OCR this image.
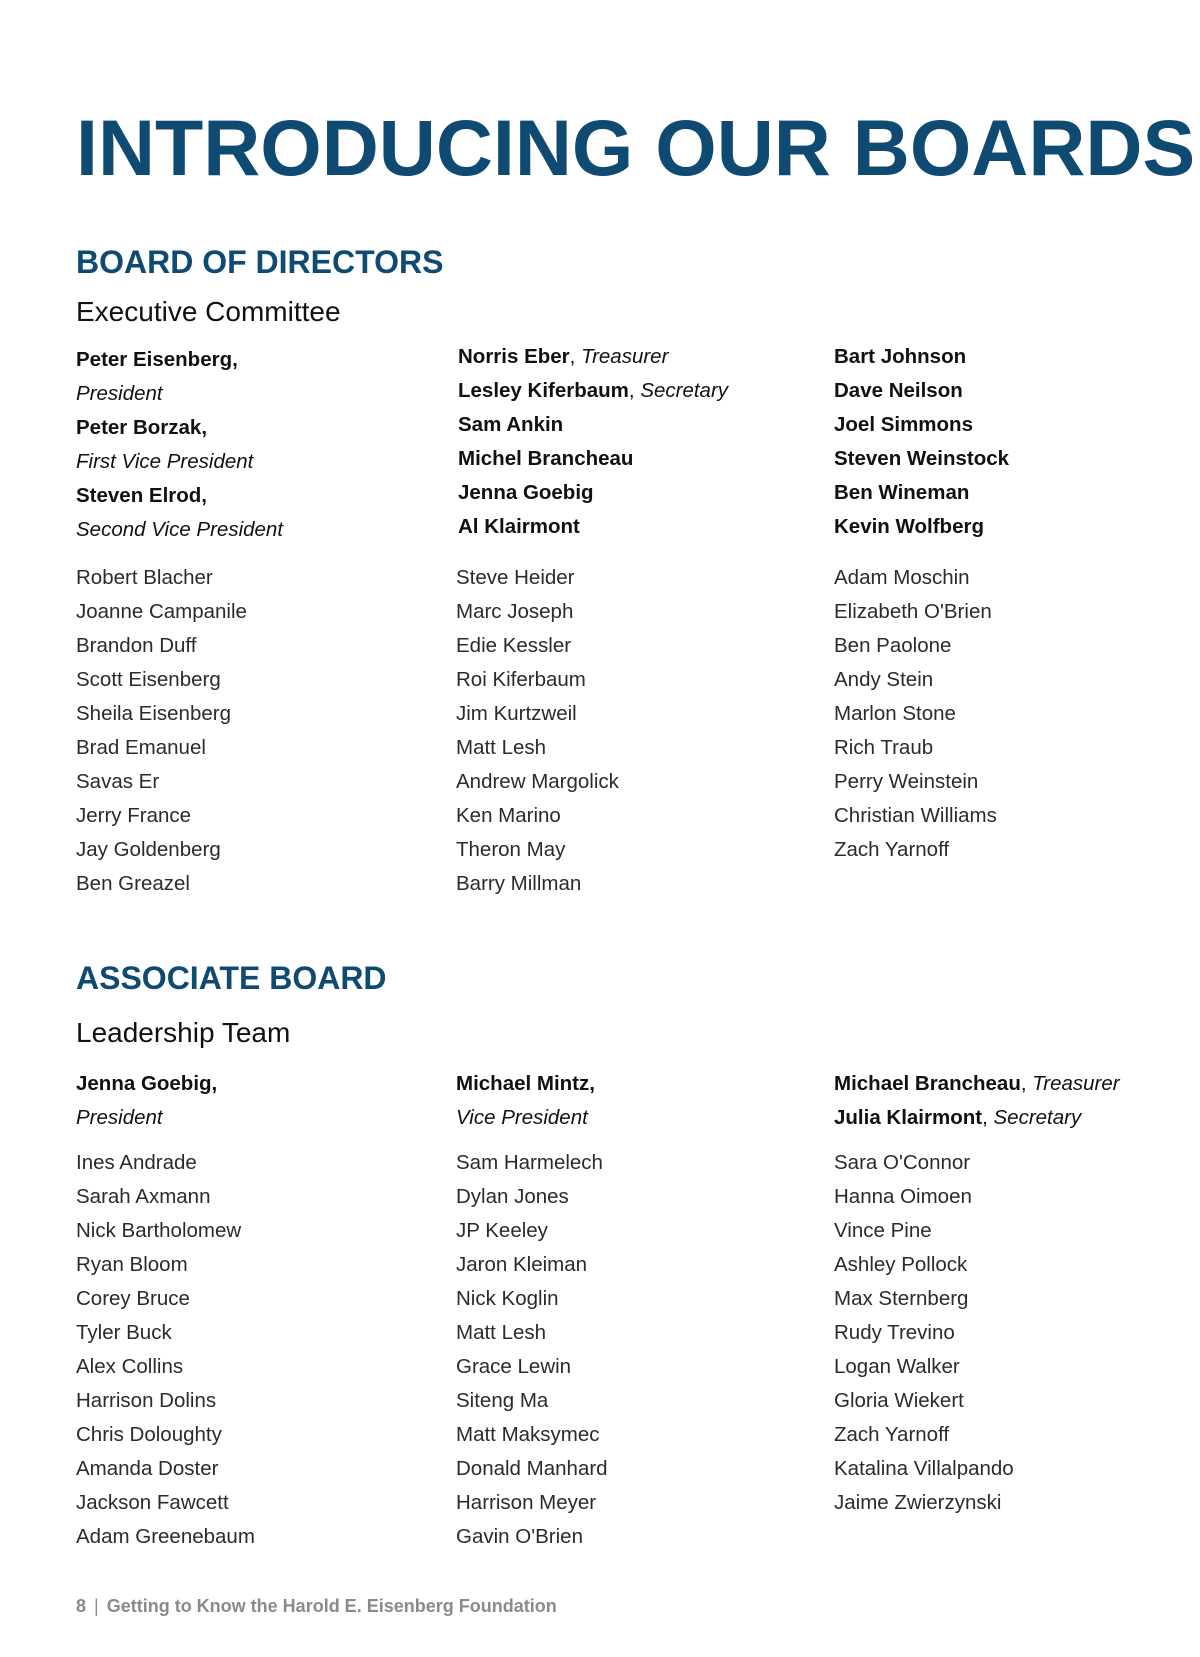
INTRODUCING OUR BOARDS
BOARD OF DIRECTORS
Executive Committee
Peter Eisenberg,
President
Peter Borzak,
First Vice President
Steven Elrod,
Second Vice President
Norris Eber, Treasurer
Lesley Kiferbaum, Secretary
Sam Ankin
Michel Brancheau
Jenna Goebig
Al Klairmont
Bart Johnson
Dave Neilson
Joel Simmons
Steven Weinstock
Ben Wineman
Kevin Wolfberg
Robert Blacher
Joanne Campanile
Brandon Duff
Scott Eisenberg
Sheila Eisenberg
Brad Emanuel
Savas Er
Jerry France
Jay Goldenberg
Ben Greazel
Steve Heider
Marc Joseph
Edie Kessler
Roi Kiferbaum
Jim Kurtzweil
Matt Lesh
Andrew Margolick
Ken Marino
Theron May
Barry Millman
Adam Moschin
Elizabeth O'Brien
Ben Paolone
Andy Stein
Marlon Stone
Rich Traub
Perry Weinstein
Christian Williams
Zach Yarnoff
ASSOCIATE BOARD
Leadership Team
Jenna Goebig,
President
Michael Mintz,
Vice President
Michael Brancheau, Treasurer
Julia Klairmont, Secretary
Ines Andrade
Sarah Axmann
Nick Bartholomew
Ryan Bloom
Corey Bruce
Tyler Buck
Alex Collins
Harrison Dolins
Chris Doloughty
Amanda Doster
Jackson Fawcett
Adam Greenebaum
Sam Harmelech
Dylan Jones
JP Keeley
Jaron Kleiman
Nick Koglin
Matt Lesh
Grace Lewin
Siteng Ma
Matt Maksymec
Donald Manhard
Harrison Meyer
Gavin O'Brien
Sara O'Connor
Hanna Oimoen
Vince Pine
Ashley Pollock
Max Sternberg
Rudy Trevino
Logan Walker
Gloria Wiekert
Zach Yarnoff
Katalina Villalpando
Jaime Zwierzynski
8 | Getting to Know the Harold E. Eisenberg Foundation
